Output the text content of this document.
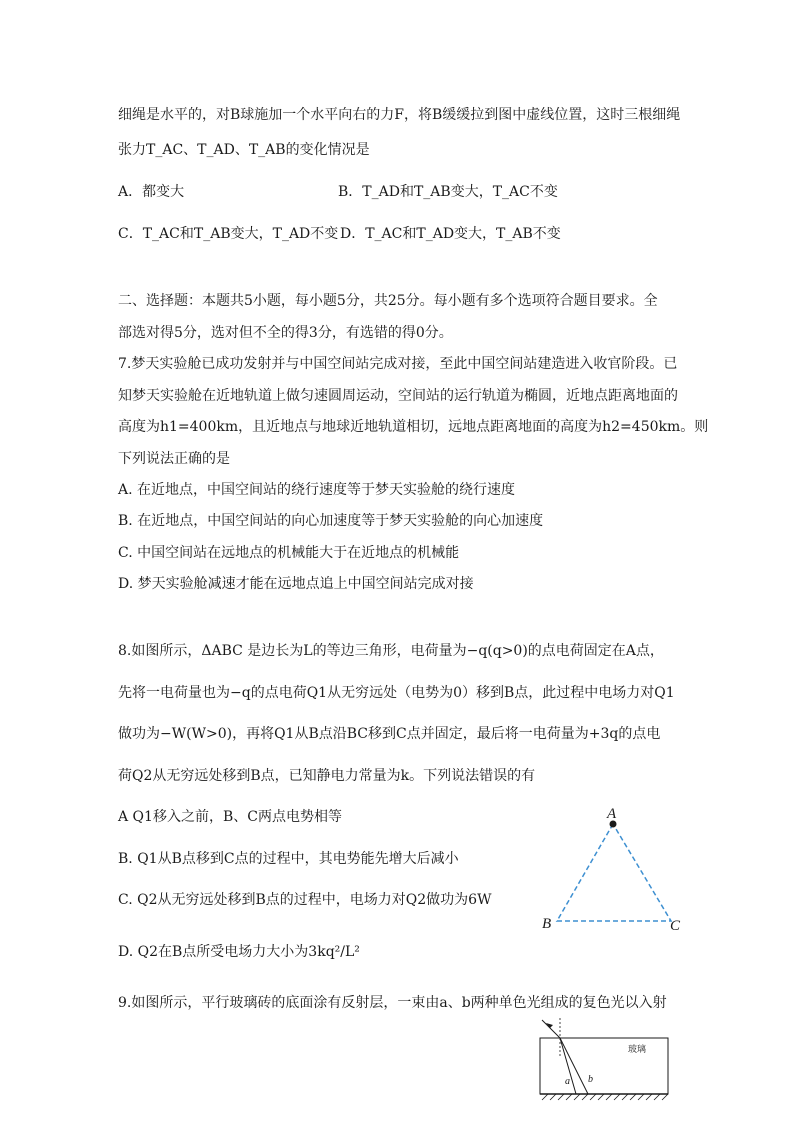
细绳是水平的，对B球施加一个水平向右的力F，将B缓缓拉到图中虚线位置，这时三根细绳
张力T_AC、T_AD、T_AB的变化情况是
A．都变大	B．T_AD和T_AB变大，T_AC不变
C．T_AC和T_AB变大，T_AD不变 D．T_AC和T_AD变大，T_AB不变
二、选择题：本题共5小题，每小题5分，共25分。每小题有多个选项符合题目要求。全
部选对得5分，选对但不全的得3分，有选错的得0分。
7.梦天实验舱已成功发射并与中国空间站完成对接，至此中国空间站建造进入收官阶段。已
知梦天实验舱在近地轨道上做匀速圆周运动，空间站的运行轨道为椭圆，近地点距离地面的
高度为h1=400km，且近地点与地球近地轨道相切，远地点距离地面的高度为h2=450km。则
下列说法正确的是
A. 在近地点，中国空间站的绕行速度等于梦天实验舱的绕行速度
B. 在近地点，中国空间站的向心加速度等于梦天实验舱的向心加速度
C. 中国空间站在远地点的机械能大于在近地点的机械能
D. 梦天实验舱减速才能在远地点追上中国空间站完成对接
8.如图所示，ΔABC 是边长为L的等边三角形，电荷量为−q(q>0)的点电荷固定在A点，
先将一电荷量也为−q的点电荷Q1从无穷远处（电势为0）移到B点，此过程中电场力对Q1
做功为−W(W>0)，再将Q1从B点沿BC移到C点并固定，最后将一电荷量为+3q的点电
荷Q2从无穷远处移到B点，已知静电力常量为k。下列说法错误的有
A Q1移入之前，B、C两点电势相等
B. Q1从B点移到C点的过程中，其电势能先增大后减小
C. Q2从无穷远处移到B点的过程中，电场力对Q2做功为6W
D. Q2在B点所受电场力大小为3kq²/L²
A
B	C
9.如图所示，平行玻璃砖的底面涂有反射层，一束由a、b两种单色光组成的复色光以入射
a b
玻璃
